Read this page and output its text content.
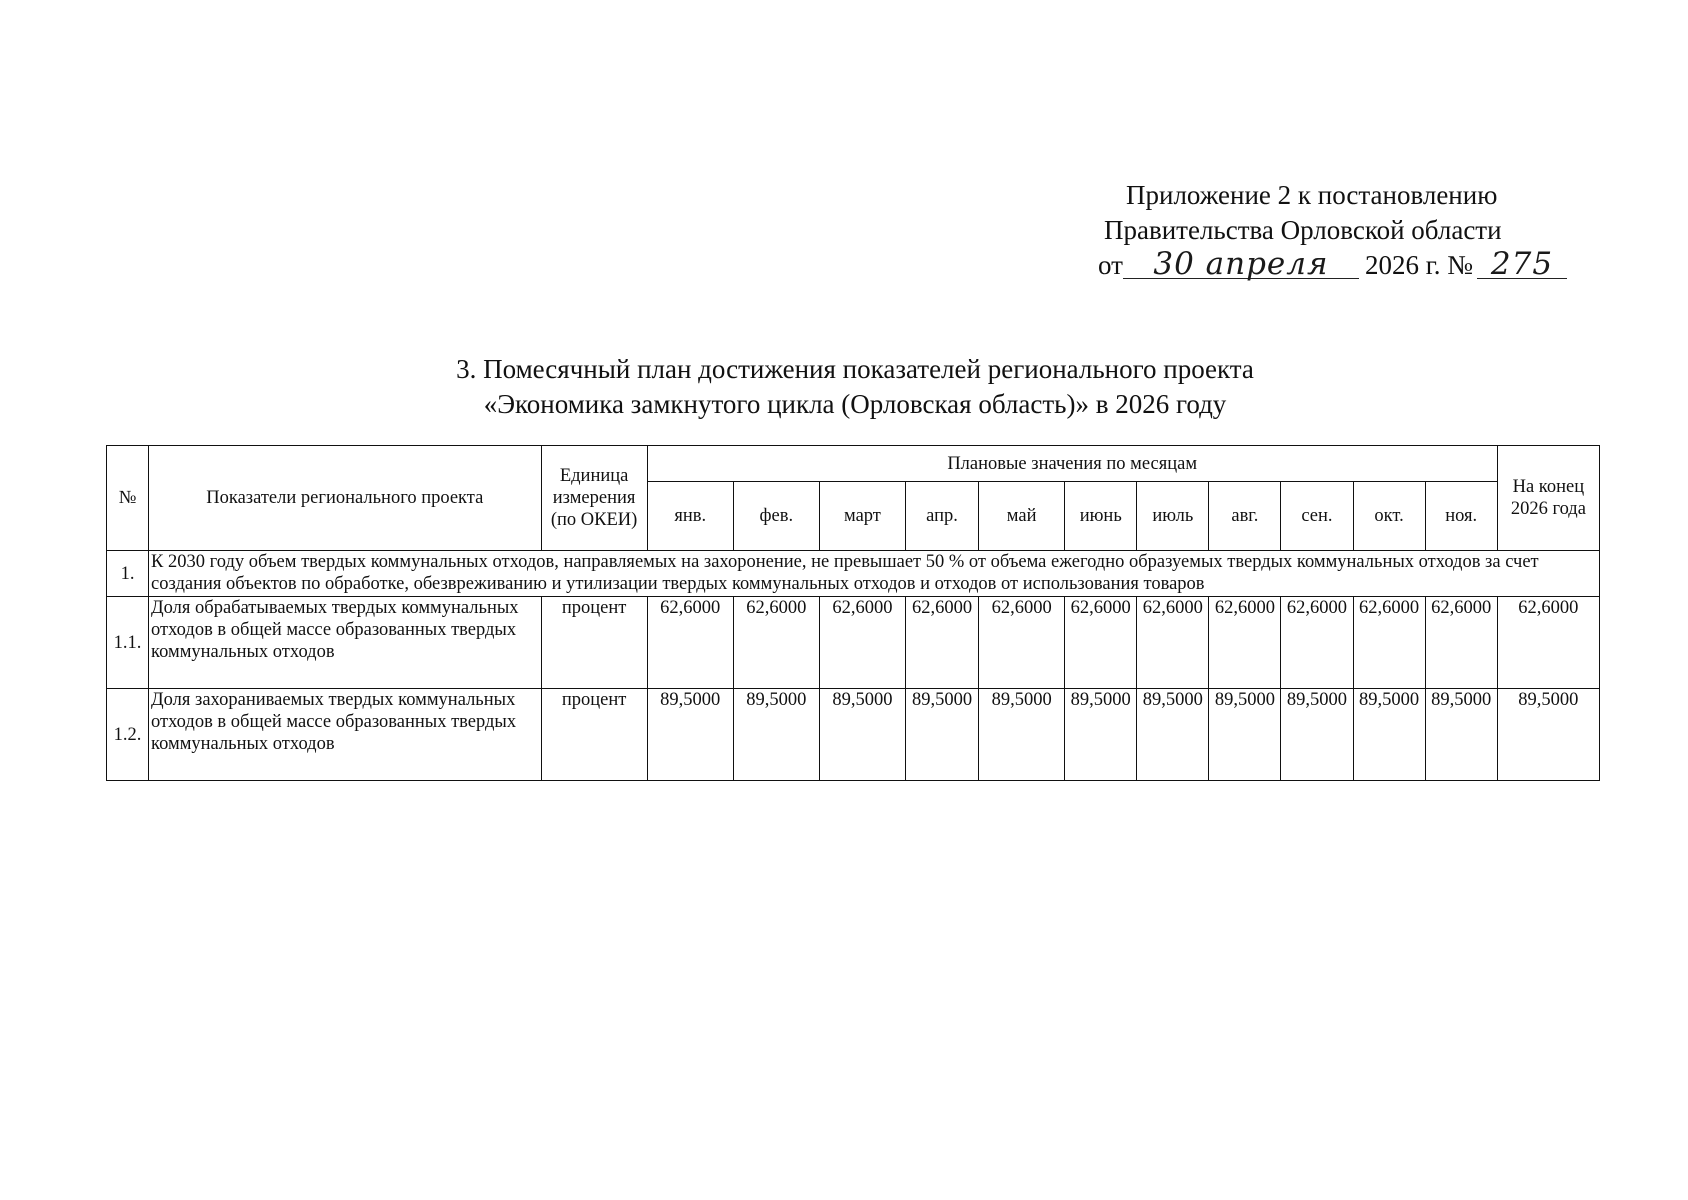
Приложение 2 к постановлению
Правительства Орловской области
от 30 апреля	2026 г. № 275
3. Помесячный план достижения показателей регионального проекта
«Экономика замкнутого цикла (Орловская область)» в 2026 году
№	Показатели регионального проекта	Единица измерения (по ОКЕИ)	Плановые значения по месяцам											На конец 2026 года
			янв.	фев.	март	апр.	май	июнь	июль	авг.	сен.	окт.	ноя.	
1.	К 2030 году объем твердых коммунальных отходов, направляемых на захоронение, не превышает 50 % от объема ежегодно образуемых твердых коммунальных отходов за счет создания объектов по обработке, обезвреживанию и утилизации твердых коммунальных отходов и отходов от использования товаров													
1.1.	Доля обрабатываемых твердых коммунальных отходов в общей массе образованных твердых коммунальных отходов	процент	62,6000	62,6000	62,6000	62,6000	62,6000	62,6000	62,6000	62,6000	62,6000	62,6000	62,6000	62,6000
1.2.	Доля захораниваемых твердых коммунальных отходов в общей массе образованных твердых коммунальных отходов	процент	89,5000	89,5000	89,5000	89,5000	89,5000	89,5000	89,5000	89,5000	89,5000	89,5000	89,5000	89,5000
